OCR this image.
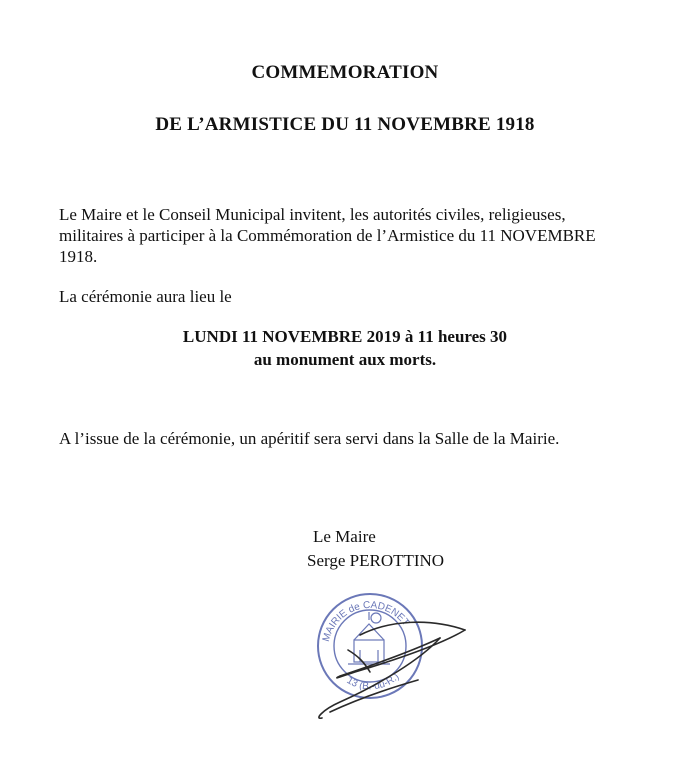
COMMEMORATION
DE L’ARMISTICE DU 11 NOVEMBRE 1918
Le Maire et le Conseil Municipal invitent, les autorités civiles, religieuses,
militaires à participer à la Commémoration de l’Armistice du 11 NOVEMBRE
1918.

La cérémonie aura lieu le

LUNDI 11 NOVEMBRE 2019 à 11 heures 30

au monument aux morts.

A l’issue de la cérémonie, un apéritif sera servi dans la Salle de la Mairie.

Le Maire

Serge PEROTTINO

MAIRIE de CADENET
13 (B.-du-R.)
